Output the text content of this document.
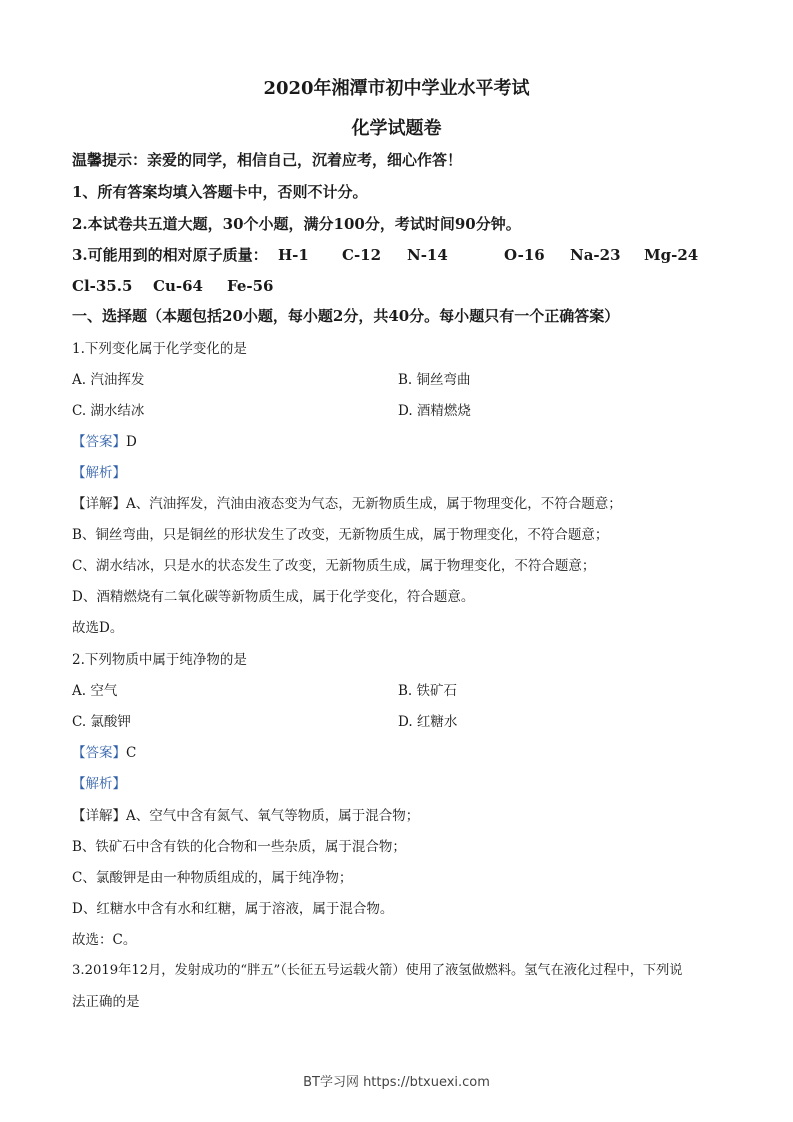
2020年湘潭市初中学业水平考试
化学试题卷
温馨提示：亲爱的同学，相信自己，沉着应考，细心作答！
1、所有答案均填入答题卡中，否则不计分。
2.本试卷共五道大题，30个小题，满分100分，考试时间90分钟。
3.可能用到的相对原子质量： H-1 C-12 N-14	O-16 Na-23 Mg-24
Cl-35.5 Cu-64 Fe-56
一、选择题（本题包括20小题，每小题2分，共40分。每小题只有一个正确答案）
1.下列变化属于化学变化的是
A. 汽油挥发	B. 铜丝弯曲
C. 湖水结冰	D. 酒精燃烧
【答案】D
【解析】
【详解】A、汽油挥发，汽油由液态变为气态，无新物质生成，属于物理变化，不符合题意；
B、铜丝弯曲，只是铜丝的形状发生了改变，无新物质生成，属于物理变化，不符合题意；
C、湖水结冰，只是水的状态发生了改变，无新物质生成，属于物理变化，不符合题意；
D、酒精燃烧有二氧化碳等新物质生成，属于化学变化，符合题意。
故选D。
2.下列物质中属于纯净物的是
A. 空气	B. 铁矿石
C. 氯酸钾	D. 红糖水
【答案】C
【解析】
【详解】A、空气中含有氮气、氧气等物质，属于混合物；
B、铁矿石中含有铁的化合物和一些杂质，属于混合物；
C、氯酸钾是由一种物质组成的，属于纯净物；
D、红糖水中含有水和红糖，属于溶液，属于混合物。
故选：C。
3.2019年12月，发射成功的“胖五”（长征五号运载火箭）使用了液氢做燃料。氢气在液化过程中，下列说
法正确的是
BT学习网 https://btxuexi.com
